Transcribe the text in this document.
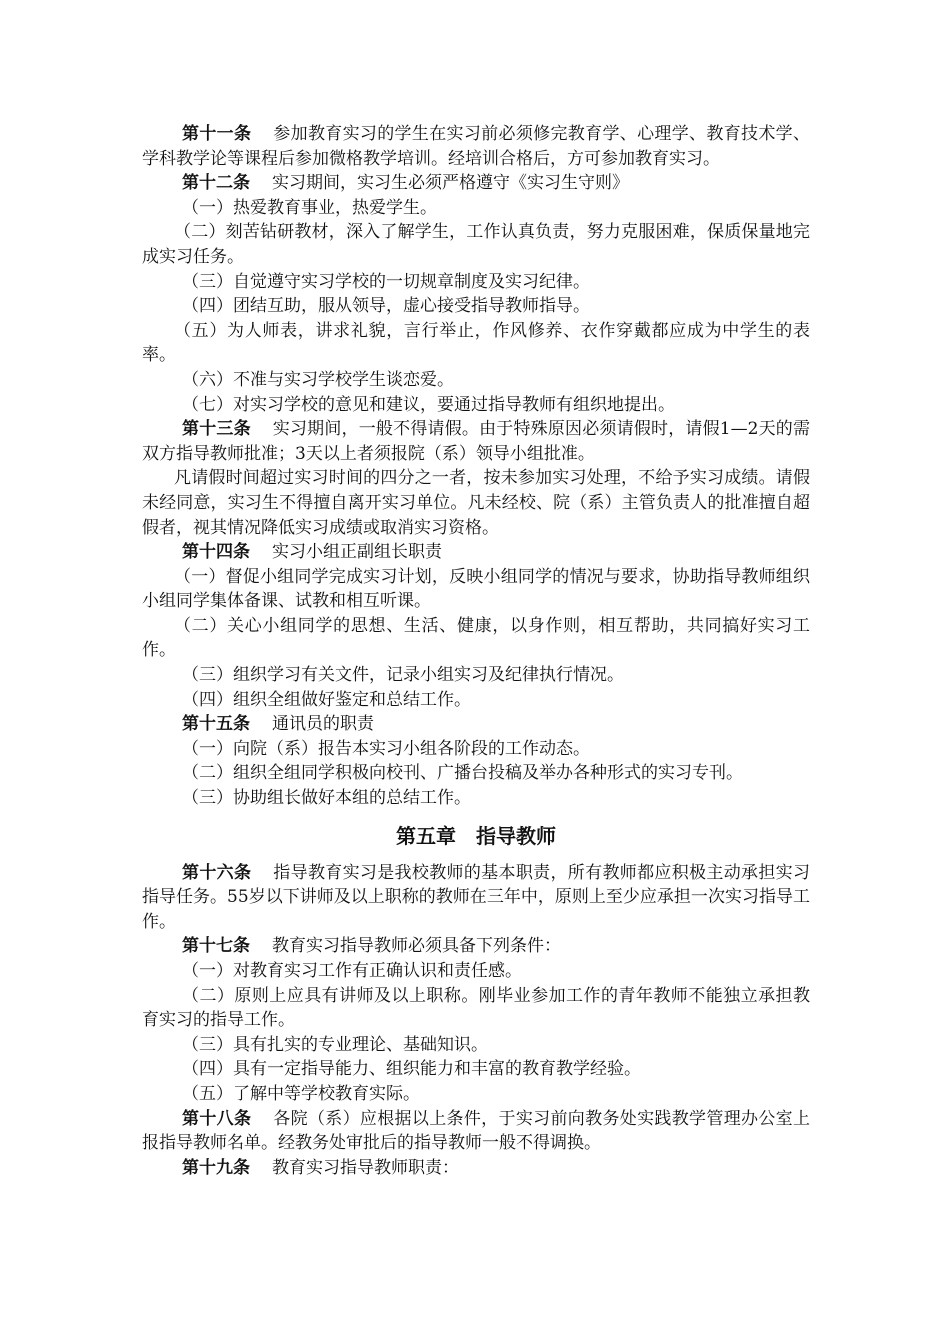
第十一条 参加教育实习的学生在实习前必须修完教育学、心理学、教育技术学、学科教学论等课程后参加微格教学培训。经培训合格后，方可参加教育实习。

第十二条 实习期间，实习生必须严格遵守《实习生守则》

（一）热爱教育事业，热爱学生。

（二）刻苦钻研教材，深入了解学生，工作认真负责，努力克服困难，保质保量地完成实习任务。

（三）自觉遵守实习学校的一切规章制度及实习纪律。

（四）团结互助，服从领导，虚心接受指导教师指导。

（五）为人师表，讲求礼貌，言行举止，作风修养、衣作穿戴都应成为中学生的表率。

（六）不准与实习学校学生谈恋爱。

（七）对实习学校的意见和建议，要通过指导教师有组织地提出。

第十三条 实习期间，一般不得请假。由于特殊原因必须请假时，请假1—2天的需双方指导教师批准；3天以上者须报院（系）领导小组批准。

凡请假时间超过实习时间的四分之一者，按未参加实习处理，不给予实习成绩。请假未经同意，实习生不得擅自离开实习单位。凡未经校、院（系）主管负责人的批准擅自超假者，视其情况降低实习成绩或取消实习资格。

第十四条 实习小组正副组长职责

（一）督促小组同学完成实习计划，反映小组同学的情况与要求，协助指导教师组织小组同学集体备课、试教和相互听课。

（二）关心小组同学的思想、生活、健康，以身作则，相互帮助，共同搞好实习工作。

（三）组织学习有关文件，记录小组实习及纪律执行情况。

（四）组织全组做好鉴定和总结工作。

第十五条 通讯员的职责

（一）向院（系）报告本实习小组各阶段的工作动态。

（二）组织全组同学积极向校刊、广播台投稿及举办各种形式的实习专刊。

（三）协助组长做好本组的总结工作。

第五章 指导教师

第十六条 指导教育实习是我校教师的基本职责，所有教师都应积极主动承担实习指导任务。55岁以下讲师及以上职称的教师在三年中，原则上至少应承担一次实习指导工作。

第十七条 教育实习指导教师必须具备下列条件：

（一）对教育实习工作有正确认识和责任感。

（二）原则上应具有讲师及以上职称。刚毕业参加工作的青年教师不能独立承担教育实习的指导工作。

（三）具有扎实的专业理论、基础知识。

（四）具有一定指导能力、组织能力和丰富的教育教学经验。

（五）了解中等学校教育实际。

第十八条 各院（系）应根据以上条件，于实习前向教务处实践教学管理办公室上报指导教师名单。经教务处审批后的指导教师一般不得调换。

第十九条 教育实习指导教师职责：
